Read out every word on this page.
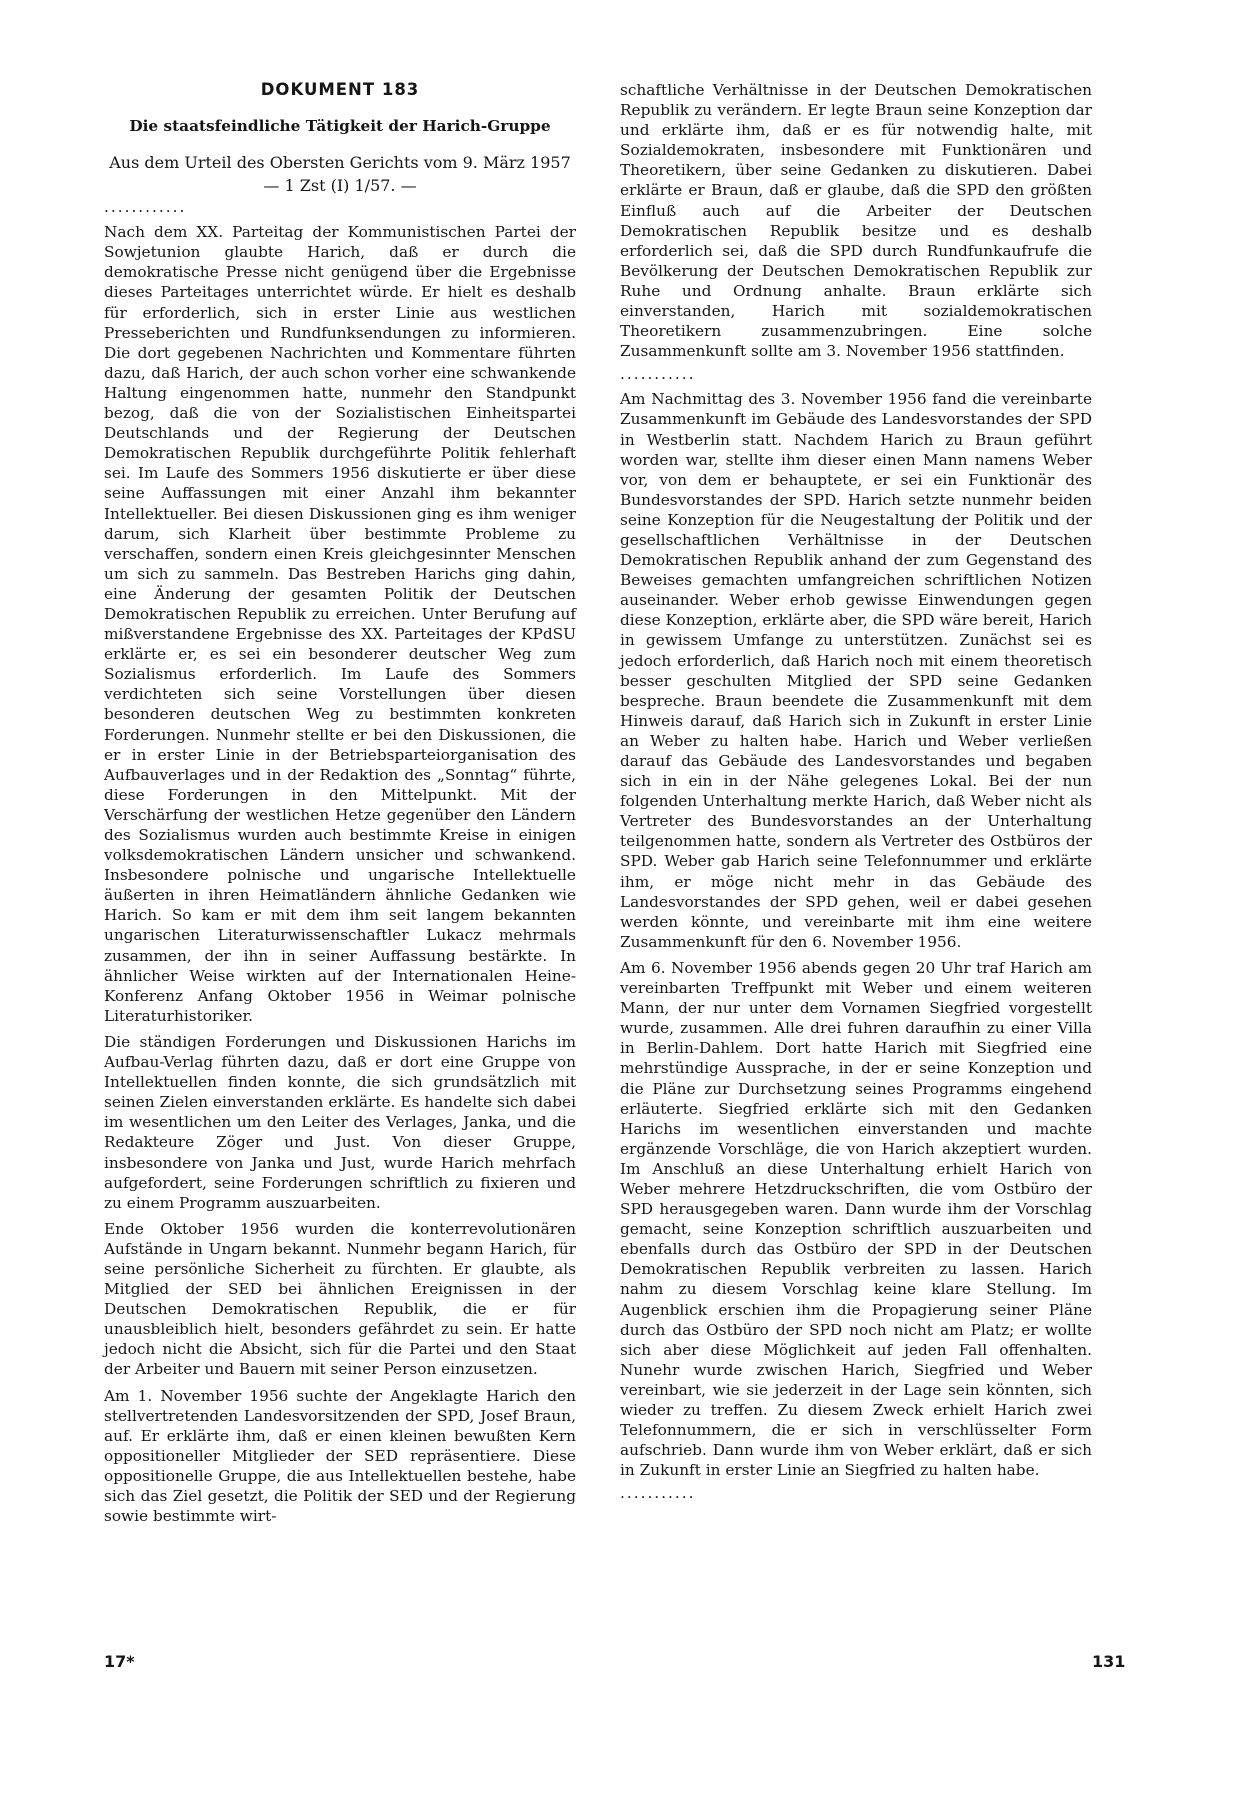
DOKUMENT 183
Die staatsfeindliche Tätigkeit der Harich-Gruppe
Aus dem Urteil des Obersten Gerichts vom 9. März 1957
— 1 Zst (I) 1/57. —
............

Nach dem XX. Parteitag der Kommunistischen Partei der Sowjetunion glaubte Harich, daß er durch die demokratische Presse nicht genügend über die Ergebnisse dieses Parteitages unterrichtet würde. Er hielt es deshalb für erforderlich, sich in erster Linie aus westlichen Presseberichten und Rundfunksendungen zu informieren. Die dort gegebenen Nachrichten und Kommentare führten dazu, daß Harich, der auch schon vorher eine schwankende Haltung eingenommen hatte, nunmehr den Standpunkt bezog, daß die von der Sozialistischen Einheitspartei Deutschlands und der Regierung der Deutschen Demokratischen Republik durchgeführte Politik fehlerhaft sei. Im Laufe des Sommers 1956 diskutierte er über diese seine Auffassungen mit einer Anzahl ihm bekannter Intellektueller. Bei diesen Diskussionen ging es ihm weniger darum, sich Klarheit über bestimmte Probleme zu verschaffen, sondern einen Kreis gleichgesinnter Menschen um sich zu sammeln. Das Bestreben Harichs ging dahin, eine Änderung der gesamten Politik der Deutschen Demokratischen Republik zu erreichen. Unter Berufung auf mißverstandene Ergebnisse des XX. Parteitages der KPdSU erklärte er, es sei ein besonderer deutscher Weg zum Sozialismus erforderlich. Im Laufe des Sommers verdichteten sich seine Vorstellungen über diesen besonderen deutschen Weg zu bestimmten konkreten Forderungen. Nunmehr stellte er bei den Diskussionen, die er in erster Linie in der Betriebsparteiorganisation des Aufbauverlages und in der Redaktion des „Sonntag“ führte, diese Forderungen in den Mittelpunkt. Mit der Verschärfung der westlichen Hetze gegenüber den Ländern des Sozialismus wurden auch bestimmte Kreise in einigen volksdemokratischen Ländern unsicher und schwankend. Insbesondere polnische und ungarische Intellektuelle äußerten in ihren Heimatländern ähnliche Gedanken wie Harich. So kam er mit dem ihm seit langem bekannten ungarischen Literaturwissenschaftler Lukacz mehrmals zusammen, der ihn in seiner Auffassung bestärkte. In ähnlicher Weise wirkten auf der Internationalen Heine-Konferenz Anfang Oktober 1956 in Weimar polnische Literaturhistoriker.

Die ständigen Forderungen und Diskussionen Harichs im Aufbau-Verlag führten dazu, daß er dort eine Gruppe von Intellektuellen finden konnte, die sich grundsätzlich mit seinen Zielen einverstanden erklärte. Es handelte sich dabei im wesentlichen um den Leiter des Verlages, Janka, und die Redakteure Zöger und Just. Von dieser Gruppe, insbesondere von Janka und Just, wurde Harich mehrfach aufgefordert, seine Forderungen schriftlich zu fixieren und zu einem Programm auszuarbeiten.

Ende Oktober 1956 wurden die konterrevolutionären Aufstände in Ungarn bekannt. Nunmehr begann Harich, für seine persönliche Sicherheit zu fürchten. Er glaubte, als Mitglied der SED bei ähnlichen Ereignissen in der Deutschen Demokratischen Republik, die er für unausbleiblich hielt, besonders gefährdet zu sein. Er hatte jedoch nicht die Absicht, sich für die Partei und den Staat der Arbeiter und Bauern mit seiner Person einzusetzen.

Am 1. November 1956 suchte der Angeklagte Harich den stellvertretenden Landesvorsitzenden der SPD, Josef Braun, auf. Er erklärte ihm, daß er einen kleinen bewußten Kern oppositioneller Mitglieder der SED repräsentiere. Diese oppositionelle Gruppe, die aus Intellektuellen bestehe, habe sich das Ziel gesetzt, die Politik der SED und der Regierung sowie bestimmte wirt-

schaftliche Verhältnisse in der Deutschen Demokratischen Republik zu verändern. Er legte Braun seine Konzeption dar und erklärte ihm, daß er es für notwendig halte, mit Sozialdemokraten, insbesondere mit Funktionären und Theoretikern, über seine Gedanken zu diskutieren. Dabei erklärte er Braun, daß er glaube, daß die SPD den größten Einfluß auch auf die Arbeiter der Deutschen Demokratischen Republik besitze und es deshalb erforderlich sei, daß die SPD durch Rundfunkaufrufe die Bevölkerung der Deutschen Demokratischen Republik zur Ruhe und Ordnung anhalte. Braun erklärte sich einverstanden, Harich mit sozialdemokratischen Theoretikern zusammenzubringen. Eine solche Zusammenkunft sollte am 3. November 1956 stattfinden.

...........

Am Nachmittag des 3. November 1956 fand die vereinbarte Zusammenkunft im Gebäude des Landesvorstandes der SPD in Westberlin statt. Nachdem Harich zu Braun geführt worden war, stellte ihm dieser einen Mann namens Weber vor, von dem er behauptete, er sei ein Funktionär des Bundesvorstandes der SPD. Harich setzte nunmehr beiden seine Konzeption für die Neugestaltung der Politik und der gesellschaftlichen Verhältnisse in der Deutschen Demokratischen Republik anhand der zum Gegenstand des Beweises gemachten umfangreichen schriftlichen Notizen auseinander. Weber erhob gewisse Einwendungen gegen diese Konzeption, erklärte aber, die SPD wäre bereit, Harich in gewissem Umfange zu unterstützen. Zunächst sei es jedoch erforderlich, daß Harich noch mit einem theoretisch besser geschulten Mitglied der SPD seine Gedanken bespreche. Braun beendete die Zusammenkunft mit dem Hinweis darauf, daß Harich sich in Zukunft in erster Linie an Weber zu halten habe. Harich und Weber verließen darauf das Gebäude des Landesvorstandes und begaben sich in ein in der Nähe gelegenes Lokal. Bei der nun folgenden Unterhaltung merkte Harich, daß Weber nicht als Vertreter des Bundesvorstandes an der Unterhaltung teilgenommen hatte, sondern als Vertreter des Ostbüros der SPD. Weber gab Harich seine Telefonnummer und erklärte ihm, er möge nicht mehr in das Gebäude des Landesvorstandes der SPD gehen, weil er dabei gesehen werden könnte, und vereinbarte mit ihm eine weitere Zusammenkunft für den 6. November 1956.

Am 6. November 1956 abends gegen 20 Uhr traf Harich am vereinbarten Treffpunkt mit Weber und einem weiteren Mann, der nur unter dem Vornamen Siegfried vorgestellt wurde, zusammen. Alle drei fuhren daraufhin zu einer Villa in Berlin-Dahlem. Dort hatte Harich mit Siegfried eine mehrstündige Aussprache, in der er seine Konzeption und die Pläne zur Durchsetzung seines Programms eingehend erläuterte. Siegfried erklärte sich mit den Gedanken Harichs im wesentlichen einverstanden und machte ergänzende Vorschläge, die von Harich akzeptiert wurden. Im Anschluß an diese Unterhaltung erhielt Harich von Weber mehrere Hetzdruckschriften, die vom Ostbüro der SPD herausgegeben waren. Dann wurde ihm der Vorschlag gemacht, seine Konzeption schriftlich auszuarbeiten und ebenfalls durch das Ostbüro der SPD in der Deutschen Demokratischen Republik verbreiten zu lassen. Harich nahm zu diesem Vorschlag keine klare Stellung. Im Augenblick erschien ihm die Propagierung seiner Pläne durch das Ostbüro der SPD noch nicht am Platz; er wollte sich aber diese Möglichkeit auf jeden Fall offenhalten. Nunehr wurde zwischen Harich, Siegfried und Weber vereinbart, wie sie jederzeit in der Lage sein könnten, sich wieder zu treffen. Zu diesem Zweck erhielt Harich zwei Telefonnummern, die er sich in verschlüsselter Form aufschrieb. Dann wurde ihm von Weber erklärt, daß er sich in Zukunft in erster Linie an Siegfried zu halten habe.

...........
17*	131
